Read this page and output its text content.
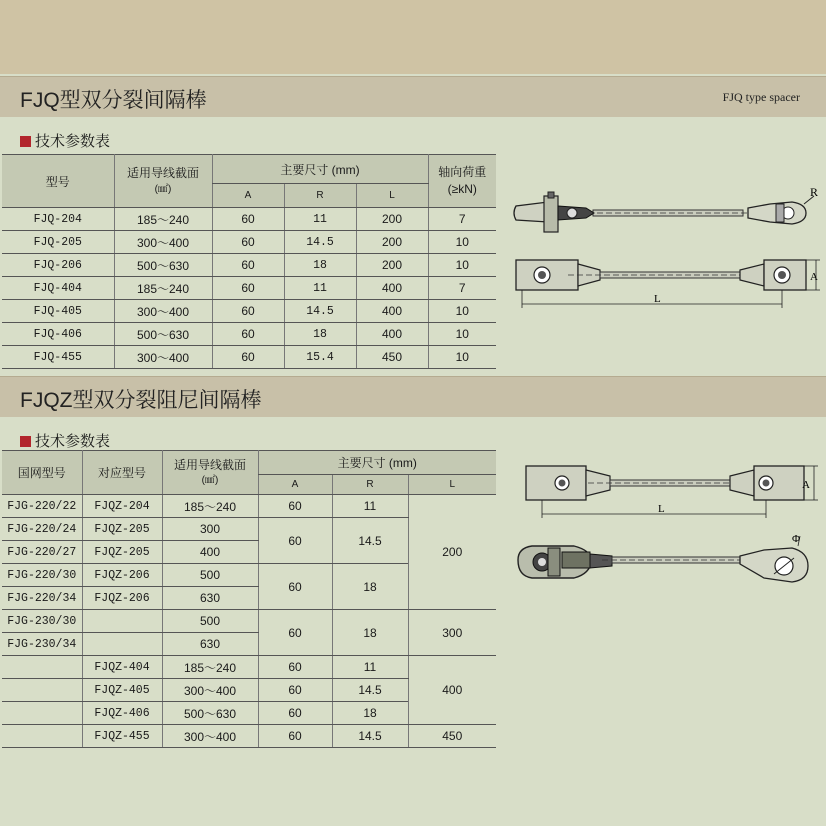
FJQ型双分裂间隔棒	FJQ type spacer
技术参数表
型号	适用导线截面
(㎟)	主要尺寸 (mm)			轴向荷重
(≥kN)
		A	R	L	
FJQ-204	185～240	60	11	200	7
FJQ-205	300～400	60	14.5	200	10
FJQ-206	500～630	60	18	200	10
FJQ-404	185～240	60	11	400	7
FJQ-405	300～400	60	14.5	400	10
FJQ-406	500～630	60	18	400	10
FJQ-455	300～400	60	15.4	450	10
R
A
L
FJQZ型双分裂阻尼间隔棒
技术参数表
国网型号	对应型号	适用导线截面
(㎟)	主要尺寸 (mm)		
			A	R	L
FJG-220/22	FJQZ-204	185～240	60	11	200
FJG-220/24	FJQZ-205	300	60	14.5	
FJG-220/27	FJQZ-205	400			
FJG-220/30	FJQZ-206	500	60	18	
FJG-220/34	FJQZ-206	630			
FJG-230/30		500	60	18	300
FJG-230/34		630			
	FJQZ-404	185～240	60	11	400
	FJQZ-405	300～400	60	14.5	
	FJQZ-406	500～630	60	18	
	FJQZ-455	300～400	60	14.5	450
A
L
Φ
